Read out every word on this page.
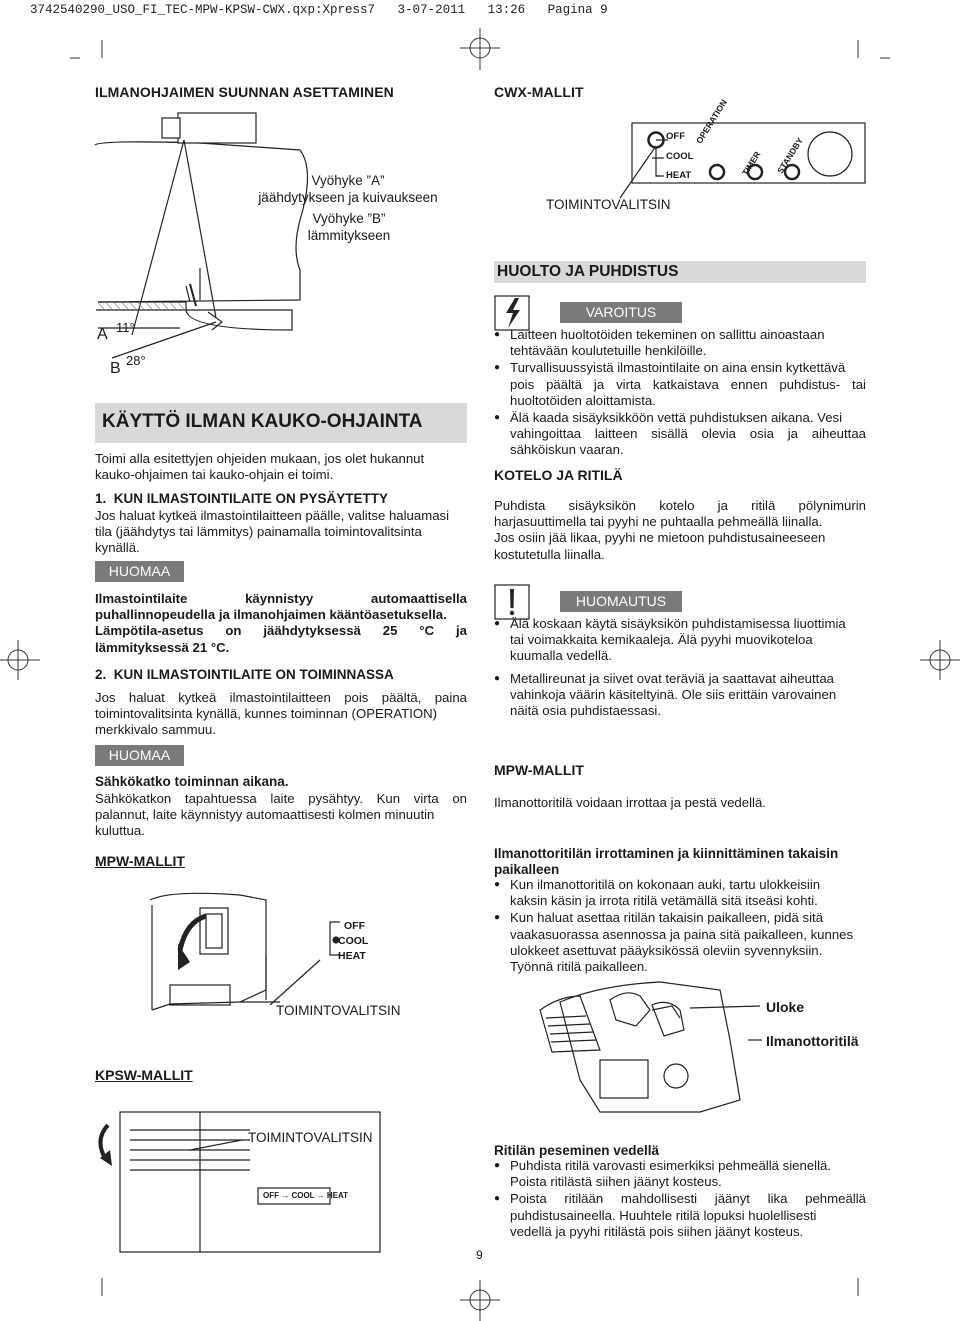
3742540290_USO_FI_TEC-MPW-KPSW-CWX.qxp:Xpress7   3-07-2011   13:26   Pagina 9
ILMANOHJAIMEN SUUNNAN ASETTAMINEN
Vyöhyke ”A”
jäähdytykseen ja kuivaukseen
Vyöhyke ”B”
lämmitykseen
A 11°
B 28°
KÄYTTÖ ILMAN KAUKO-OHJAINTA
Toimi alla esitettyjen ohjeiden mukaan, jos olet hukannut
kauko-ohjaimen tai kauko-ohjain ei toimi.
1.  KUN ILMASTOINTILAITE ON PYSÄYTETTY
Jos haluat kytkeä ilmastointilaitteen päälle, valitse haluamasi
tila (jäähdytys tai lämmitys) painamalla toimintovalitsinta
kynällä.
HUOMAA
Ilmastointilaite käynnistyy automaattisella
puhallinnopeudella ja ilmanohjaimen kääntöasetuksella.
Lämpötila-asetus on jäähdytyksessä 25 °C ja
lämmityksessä 21 °C.
2.  KUN ILMASTOINTILAITE ON TOIMINNASSA
Jos haluat kytkeä ilmastointilaitteen pois päältä, paina
toimintovalitsinta kynällä, kunnes toiminnan (OPERATION)
merkkivalo sammuu.
HUOMAA
Sähkökatko toiminnan aikana.
Sähkökatkon tapahtuessa laite pysähtyy. Kun virta on
palannut, laite käynnistyy automaattisesti kolmen minuutin
kuluttua.
MPW-MALLIT
OFF
COOL
HEAT
TOIMINTOVALITSIN
KPSW-MALLIT
OFF → COOL → HEAT
TOIMINTOVALITSIN
CWX-MALLIT
OFF
COOL
HEAT
OPERATION
TIMER STANDBY
TOIMINTOVALITSIN
HUOLTO JA PUHDISTUS
VAROITUS
● Laitteen huoltotöiden tekeminen on sallittu ainoastaan
tehtävään koulutetuille henkilöille.
● Turvallisuussyistä ilmastointilaite on aina ensin kytkettävä
pois päältä ja virta katkaistava ennen puhdistus- tai
huoltotöiden aloittamista.
● Älä kaada sisäyksikköön vettä puhdistuksen aikana. Vesi
vahingoittaa laitteen sisällä olevia osia ja aiheuttaa
sähköiskun vaaran.
KOTELO JA RITILÄ
Puhdista sisäyksikön kotelo ja ritilä pölynimurin
harjasuuttimella tai pyyhi ne puhtaalla pehmeällä liinalla.
Jos osiin jää likaa, pyyhi ne mietoon puhdistusaineeseen
kostutetulla liinalla.
HUOMAUTUS
● Älä koskaan käytä sisäyksikön puhdistamisessa liuottimia
tai voimakkaita kemikaaleja. Älä pyyhi muovikoteloa
kuumalla vedellä.
● Metallireunat ja siivet ovat teräviä ja saattavat aiheuttaa
vahinkoja väärin käsiteltyinä. Ole siis erittäin varovainen
näitä osia puhdistaessasi.
MPW-MALLIT
Ilmanottoritilä voidaan irrottaa ja pestä vedellä.
Ilmanottoritilän irrottaminen ja kiinnittäminen takaisin
paikalleen
● Kun ilmanottoritilä on kokonaan auki, tartu ulokkeisiin
kaksin käsin ja irrota ritilä vetämällä sitä itseäsi kohti.
● Kun haluat asettaa ritilän takaisin paikalleen, pidä sitä
vaakasuorassa asennossa ja paina sitä paikalleen, kunnes
ulokkeet asettuvat pääyksikössä oleviin syvennyksiin.
Työnnä ritilä paikalleen.
Uloke
Ilmanottoritilä
Ritilän peseminen vedellä
● Puhdista ritilä varovasti esimerkiksi pehmeällä sienellä.
Poista ritilästä siihen jäänyt kosteus.
● Poista ritilään mahdollisesti jäänyt lika pehmeällä
puhdistusaineella. Huuhtele ritilä lopuksi huolellisesti
vedellä ja pyyhi ritilästä pois siihen jäänyt kosteus.
9
